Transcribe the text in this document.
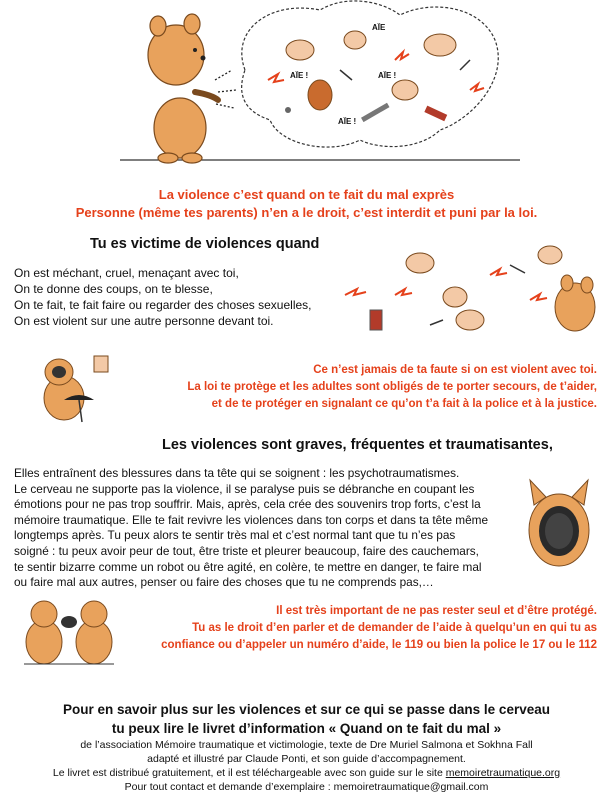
AÏE !	AÏE !
AÏE !
AÏE
La violence c’est quand on te fait du mal exprès
Personne (même tes parents) n’en a le droit, c’est interdit et puni par la loi.
Tu es victime de violences quand
On est méchant, cruel, menaçant avec toi,
On te donne des coups, on te blesse,
On te fait, te fait faire ou regarder des choses sexuelles,
On est violent sur une autre personne devant toi.
Ce n’est jamais de ta faute si on est violent avec toi.
La loi te protège et les adultes sont obligés de te porter secours, de t’aider,
et de te protéger en signalant ce qu’on t’a fait à la police et à la justice.
Les violences sont graves, fréquentes et traumatisantes,
Elles entraînent des blessures dans ta tête qui se soignent : les psychotraumatismes.
Le cerveau ne supporte pas la violence, il se paralyse puis se débranche en coupant les
émotions pour ne pas trop souffrir. Mais, après, cela crée des souvenirs trop forts, c’est la
mémoire traumatique. Elle te fait revivre les violences dans ton corps et dans ta tête même
longtemps après. Tu peux alors te sentir très mal et c’est normal tant que tu n’es pas
soigné : tu peux avoir peur de tout, être triste et pleurer beaucoup, faire des cauchemars,
te sentir bizarre comme un robot ou être agité, en colère, te mettre en danger, te faire mal
ou faire mal aux autres, penser ou faire des choses que tu ne comprends pas,…
Il est très important de ne pas rester seul et d’être protégé.
Tu as le droit d’en parler et de demander de l’aide à quelqu’un en qui tu as
confiance ou d’appeler un numéro d’aide, le 119 ou bien la police le 17 ou le 112
Pour en savoir plus sur les violences et sur ce qui se passe dans le cerveau
tu peux lire le livret d’information « Quand on te fait du mal »
de l’association Mémoire traumatique et victimologie, texte de Dre Muriel Salmona et Sokhna Fall
adapté et illustré par Claude Ponti, et son guide d’accompagnement.
Le livret est distribué gratuitement, et il est téléchargeable avec son guide sur le site memoiretraumatique.org
Pour tout contact et demande d’exemplaire : memoiretraumatique@gmail.com
